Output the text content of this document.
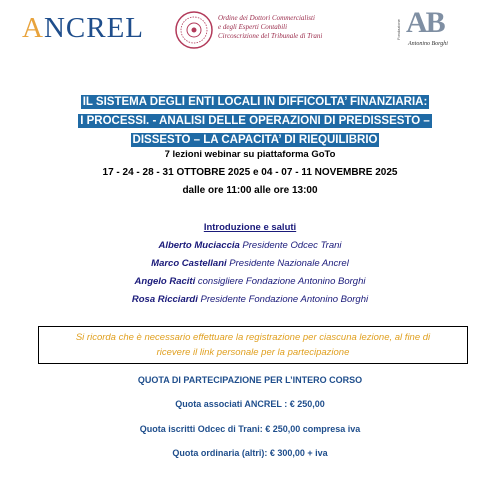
ANCREL	Ordine dei Dottori Commercialisti
e degli Esperti Contabili
Circoscrizione del Tribunale di Trani	Fondazione AB
Antonino Borghi
IL SISTEMA DEGLI ENTI LOCALI IN DIFFICOLTA’ FINANZIARIA:
I PROCESSI. - ANALISI DELLE OPERAZIONI DI PREDISSESTO –
DISSESTO – LA CAPACITA’ DI RIEQUILIBRIO
7 lezioni webinar su piattaforma GoTo
17 - 24 - 28 - 31 OTTOBRE 2025 e 04 - 07 - 11 NOVEMBRE 2025
dalle ore 11:00 alle ore 13:00
Introduzione e saluti
Alberto Muciaccia Presidente Odcec Trani
Marco Castellani Presidente Nazionale Ancrel
Angelo Raciti consigliere Fondazione Antonino Borghi
Rosa Ricciardi Presidente Fondazione Antonino Borghi
Si ricorda che è necessario effettuare la registrazione per ciascuna lezione, al fine di
ricevere il link personale per la partecipazione
QUOTA DI PARTECIPAZIONE PER L’INTERO CORSO
Quota associati ANCREL : € 250,00
Quota iscritti Odcec di Trani: € 250,00 compresa iva
Quota ordinaria (altri): € 300,00 + iva
